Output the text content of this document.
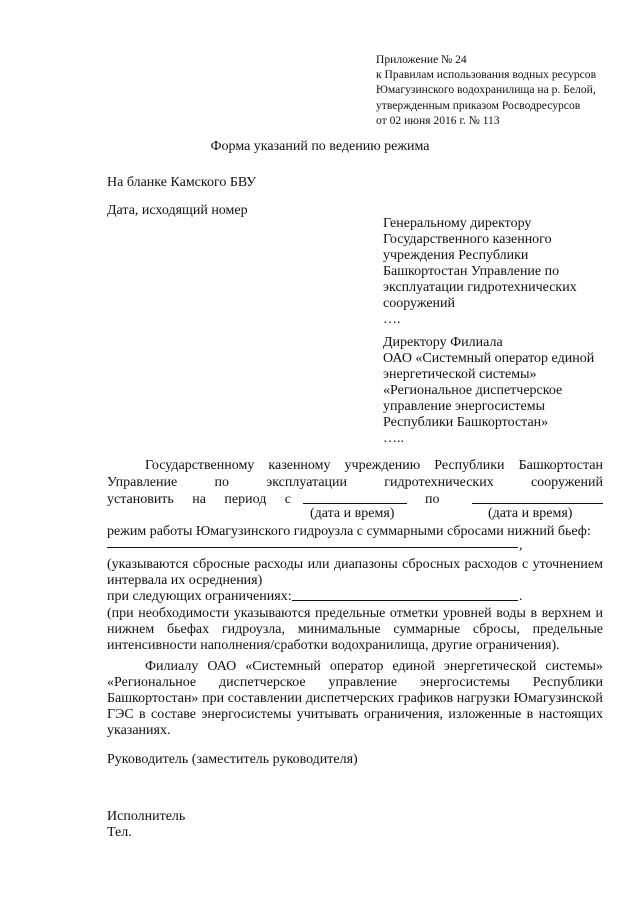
Приложение № 24
к Правилам использования водных ресурсов
Юмагузинского водохранилища на р. Белой,
утвержденным приказом Росводресурсов
от 02 июня 2016 г. № 113
Форма указаний по ведению режима
На бланке Камского БВУ
Дата, исходящий номер
Генеральному директору
Государственного казенного
учреждения Республики
Башкортостан Управление по
эксплуатации гидротехнических
сооружений
….
Директору Филиала
ОАО «Системный оператор единой
энергетической системы»
«Региональное диспетчерское
управление энергосистемы
Республики Башкортостан»
…..
Государственному казенному учреждению Республики Башкортостан
Управление	по	эксплуатации	гидротехнических	сооружений
установить на период с	по
(дата и время)	(дата и время)
режим работы Юмагузинского гидроузла с суммарными сбросами нижний бьеф:
,
(указываются сбросные расходы или диапазоны сбросных расходов с уточнением
интервала их осреднения)
при следующих ограничениях:	.
(при необходимости указываются предельные отметки уровней воды в верхнем и
нижнем бьефах гидроузла, минимальные суммарные сбросы, предельные
интенсивности наполнения/сработки водохранилища, другие ограничения).
Филиалу ОАО «Системный оператор единой энергетической системы»
«Региональное диспетчерское управление энергосистемы Республики
Башкортостан» при составлении диспетчерских графиков нагрузки Юмагузинской
ГЭС в составе энергосистемы учитывать ограничения, изложенные в настоящих
указаниях.
Руководитель (заместитель руководителя)
Исполнитель
Тел.
